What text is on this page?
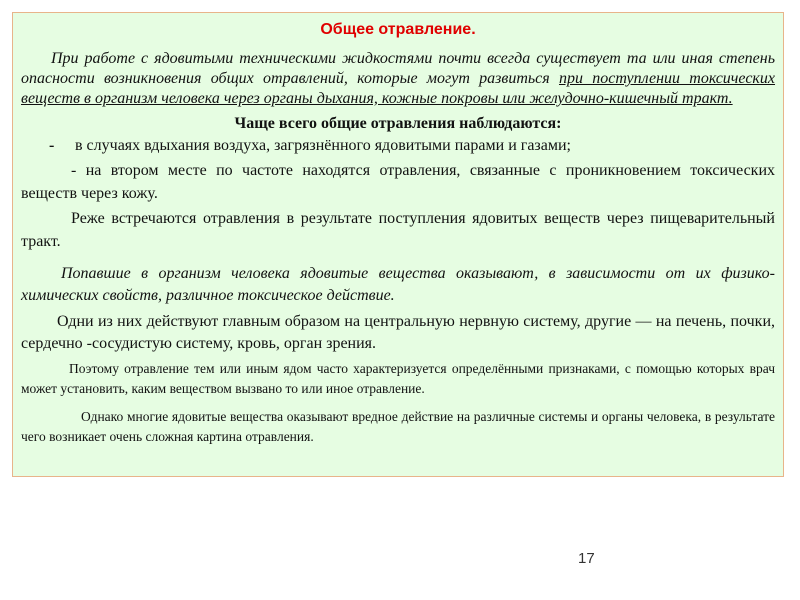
Общее отравление.

При работе с ядовитыми техническими жидкостями почти всегда существует та или иная степень опасности возникновения общих отравлений, которые могут развиться при поступлении токсических веществ в организм человека через органы дыхания, кожные покровы или желудочно-кишечный тракт.

Чаще всего общие отравления наблюдаются:

- в случаях вдыхания воздуха, загрязнённого ядовитыми парами и газами;

- на втором месте по частоте находятся отравления, связанные с проникновением токсических веществ через кожу.

Реже встречаются отравления в результате поступления ядовитых веществ через пищеварительный тракт.

Попавшие в организм человека ядовитые вещества оказывают, в зависимости от их физико-химических свойств, различное токсическое действие.

Одни из них действуют главным образом на центральную нервную систему, другие — на печень, почки, сердечно -сосудистую систему, кровь, орган зрения.

Поэтому отравление тем или иным ядом часто характеризуется определёнными признаками, с помощью которых врач может установить, каким веществом вызвано то или иное отравление.

Однако многие ядовитые вещества оказывают вредное действие на различные системы и органы человека, в результате чего возникает очень сложная картина отравления.

17
